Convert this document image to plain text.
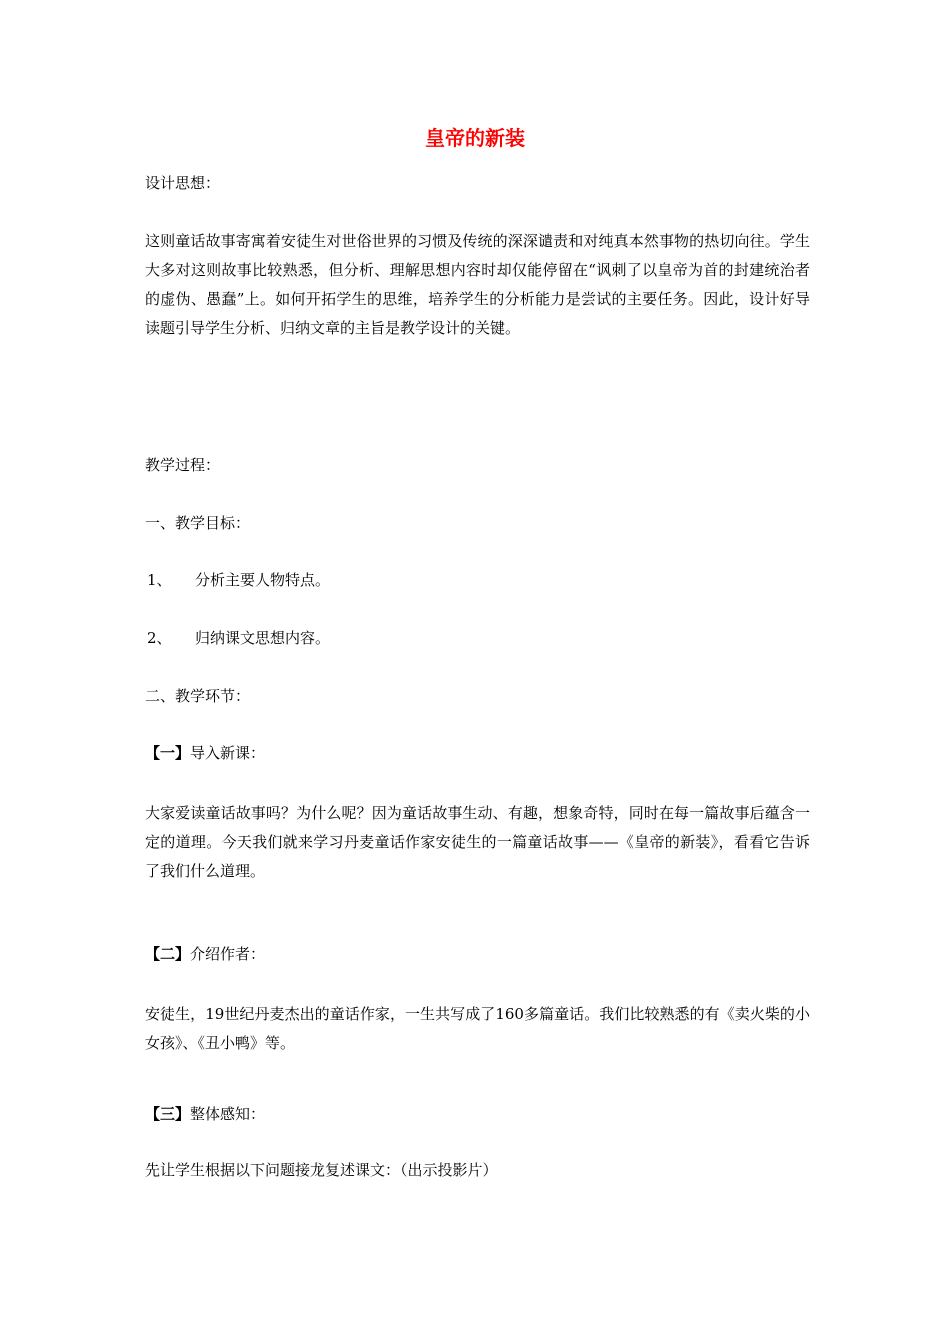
皇帝的新装
设计思想：
这则童话故事寄寓着安徒生对世俗世界的习惯及传统的深深谴责和对纯真本然事物的热切向往。学生大多对这则故事比较熟悉，但分析、理解思想内容时却仅能停留在“讽刺了以皇帝为首的封建统治者的虚伪、愚蠢”上。如何开拓学生的思维，培养学生的分析能力是尝试的主要任务。因此，设计好导读题引导学生分析、归纳文章的主旨是教学设计的关键。
教学过程：
一、教学目标：
1、 分析主要人物特点。
2、 归纳课文思想内容。
二、教学环节：
【一】导入新课：
大家爱读童话故事吗？为什么呢？因为童话故事生动、有趣，想象奇特，同时在每一篇故事后蕴含一定的道理。今天我们就来学习丹麦童话作家安徒生的一篇童话故事——《皇帝的新装》，看看它告诉了我们什么道理。
【二】介绍作者：
安徒生，19世纪丹麦杰出的童话作家，一生共写成了160多篇童话。我们比较熟悉的有《卖火柴的小女孩》、《丑小鸭》等。
【三】整体感知：
先让学生根据以下问题接龙复述课文：（出示投影片）
